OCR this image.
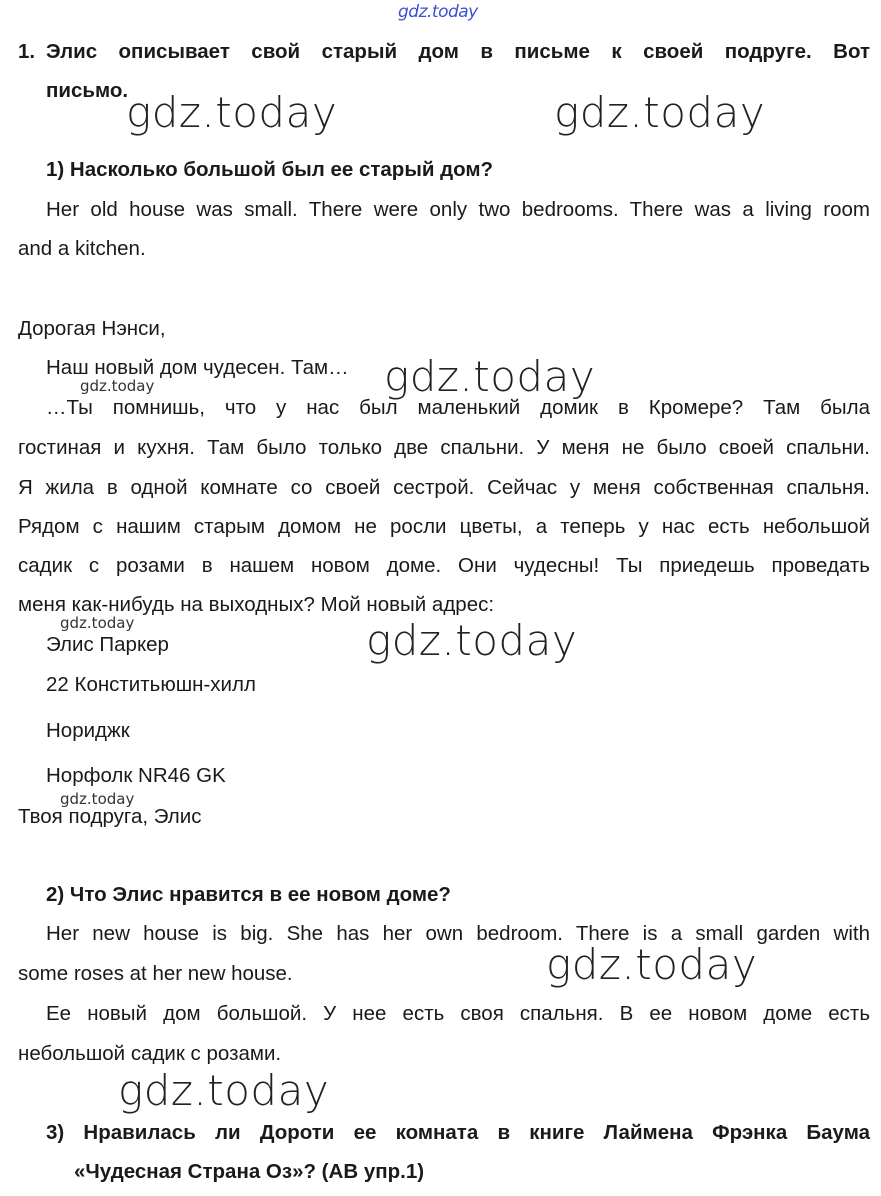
gdz.today
1. Элис описывает свой старый дом в письме к своей подруге. Вот
письмо.
gdz.today	gdz.today
1) Насколько большой был ее старый дом?
Her old house was small. There were only two bedrooms. There was a living room
and a kitchen.
Дорогая Нэнси,
Наш новый дом чудесен. Там… gdz.today
gdz.today
…Ты помнишь, что у нас был маленький домик в Кромере? Там была
гостиная и кухня. Там было только две спальни. У меня не было своей спальни.
Я жила в одной комнате со своей сестрой. Сейчас у меня собственная спальня.
Рядом с нашим старым домом не росли цветы, а теперь у нас есть небольшой
садик с розами в нашем новом доме. Они чудесны! Ты приедешь проведать
меня как-нибудь на выходных? Мой новый адрес:
gdz.today
Элис Паркер	gdz.today
22 Конститьюшн-хилл
Нориджк
Норфолк NR46 GK
gdz.today
Твоя подруга, Элис
2) Что Элис нравится в ее новом доме?
Her new house is big. She has her own bedroom. There is a small garden with
some roses at her new house.	gdz.today
Ее новый дом большой. У нее есть своя спальня. В ее новом доме есть
небольшой садик с розами.
gdz.today
3) Нравилась ли Дороти ее комната в книге Лаймена Фрэнка Баума
«Чудесная Страна Оз»? (АВ упр.1)
